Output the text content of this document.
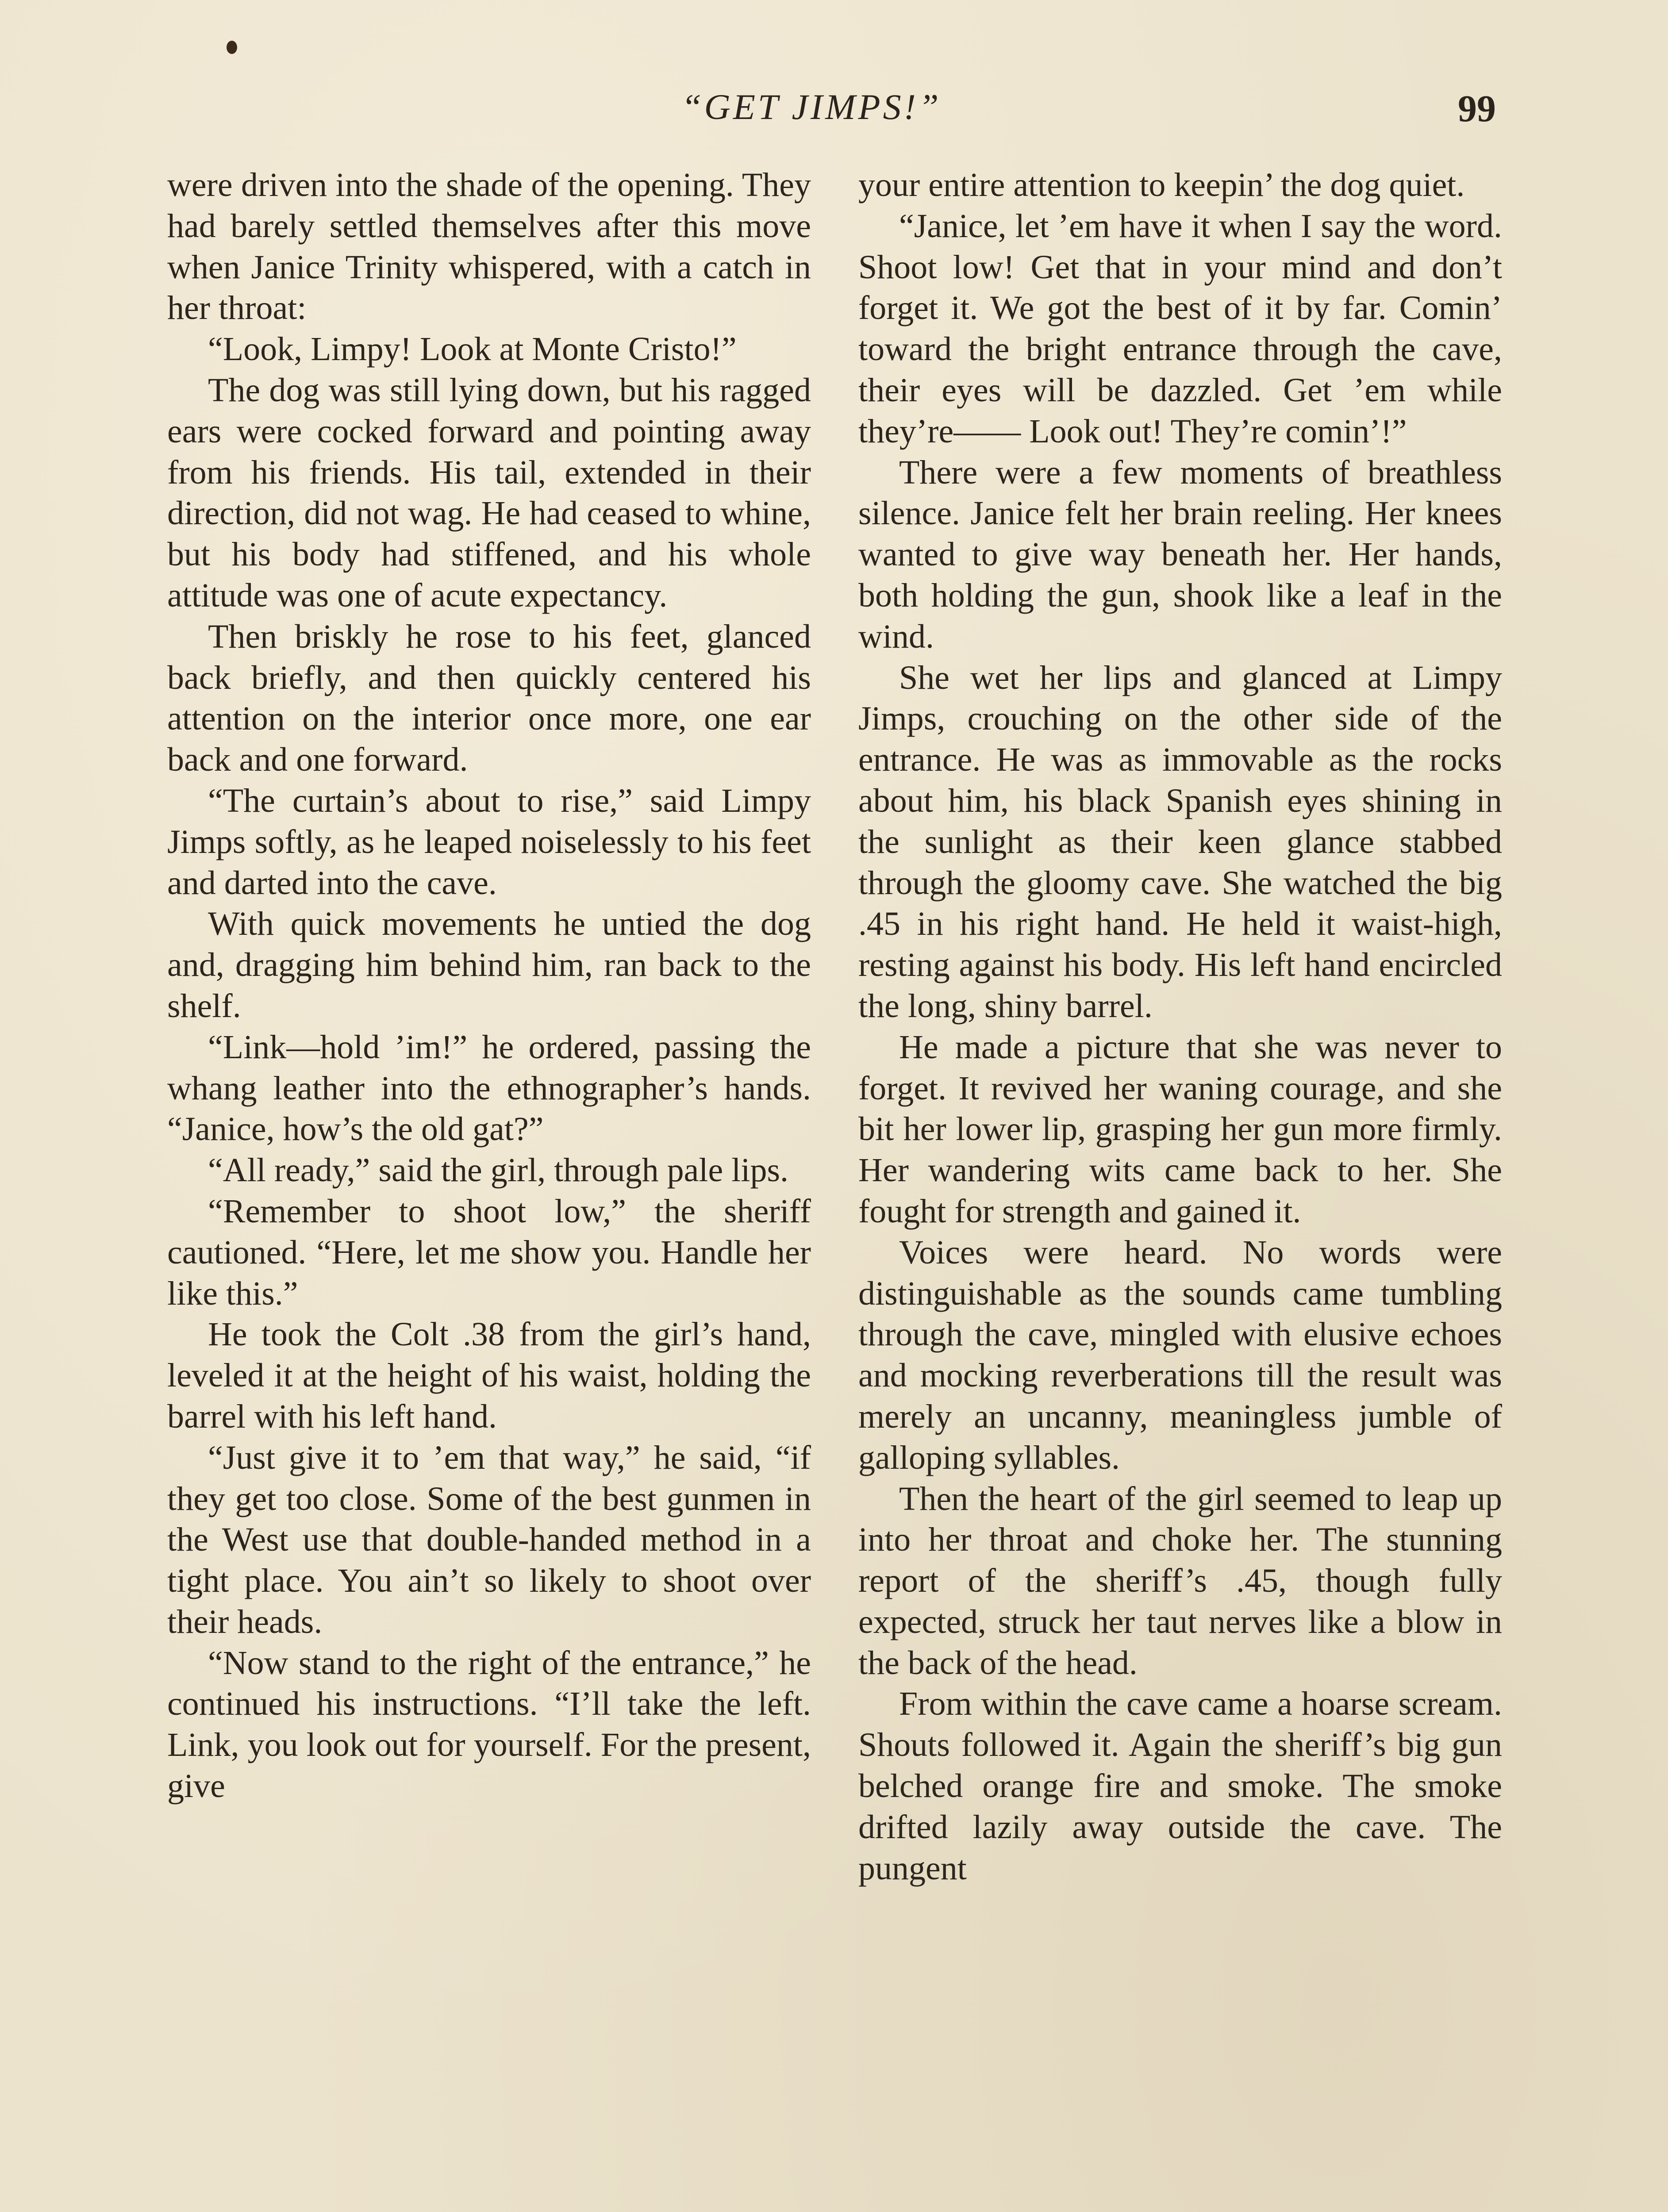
“GET JIMPS!”	99

were driven into the shade of the opening. They had barely settled themselves after this move when Janice Trinity whispered, with a catch in her throat:

“Look, Limpy! Look at Monte Cristo!”

The dog was still lying down, but his ragged ears were cocked forward and pointing away from his friends. His tail, extended in their direction, did not wag. He had ceased to whine, but his body had stiffened, and his whole attitude was one of acute expectancy.

Then briskly he rose to his feet, glanced back briefly, and then quickly centered his attention on the interior once more, one ear back and one forward.

“The curtain’s about to rise,” said Limpy Jimps softly, as he leaped noiselessly to his feet and darted into the cave.

With quick movements he untied the dog and, dragging him behind him, ran back to the shelf.

“Link—hold ’im!” he ordered, passing the whang leather into the ethnographer’s hands. “Janice, how’s the old gat?”

“All ready,” said the girl, through pale lips.

“Remember to shoot low,” the sheriff cautioned. “Here, let me show you. Handle her like this.”

He took the Colt .38 from the girl’s hand, leveled it at the height of his waist, holding the barrel with his left hand.

“Just give it to ’em that way,” he said, “if they get too close. Some of the best gunmen in the West use that double-handed method in a tight place. You ain’t so likely to shoot over their heads.

“Now stand to the right of the entrance,” he continued his instructions. “I’ll take the left. Link, you look out for yourself. For the present, give

your entire attention to keepin’ the dog quiet.

“Janice, let ’em have it when I say the word. Shoot low! Get that in your mind and don’t forget it. We got the best of it by far. Comin’ toward the bright entrance through the cave, their eyes will be dazzled. Get ’em while they’re—— Look out! They’re comin’!”

There were a few moments of breathless silence. Janice felt her brain reeling. Her knees wanted to give way beneath her. Her hands, both holding the gun, shook like a leaf in the wind.

She wet her lips and glanced at Limpy Jimps, crouching on the other side of the entrance. He was as immovable as the rocks about him, his black Spanish eyes shining in the sunlight as their keen glance stabbed through the gloomy cave. She watched the big .45 in his right hand. He held it waist-high, resting against his body. His left hand encircled the long, shiny barrel.

He made a picture that she was never to forget. It revived her waning courage, and she bit her lower lip, grasping her gun more firmly. Her wandering wits came back to her. She fought for strength and gained it.

Voices were heard. No words were distinguishable as the sounds came tumbling through the cave, mingled with elusive echoes and mocking reverberations till the result was merely an uncanny, meaningless jumble of galloping syllables.

Then the heart of the girl seemed to leap up into her throat and choke her. The stunning report of the sheriff’s .45, though fully expected, struck her taut nerves like a blow in the back of the head.

From within the cave came a hoarse scream. Shouts followed it. Again the sheriff’s big gun belched orange fire and smoke. The smoke drifted lazily away outside the cave. The pungent
